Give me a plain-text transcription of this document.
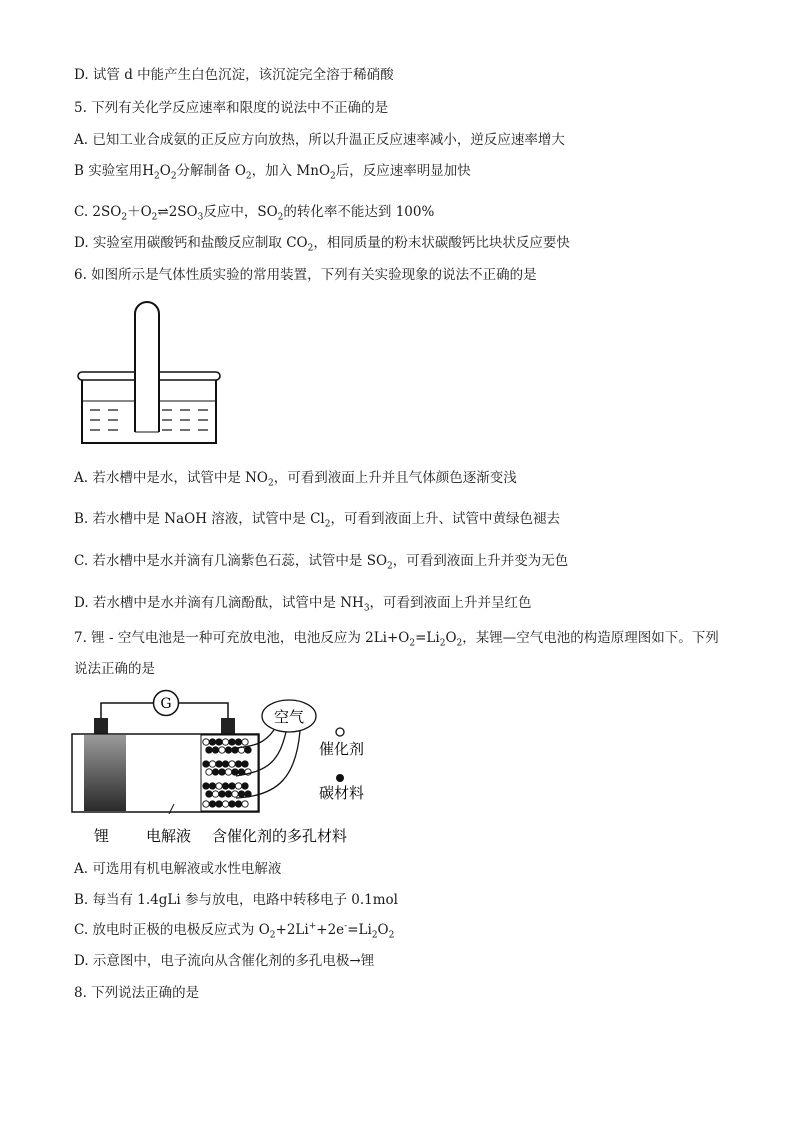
D. 试管 d 中能产生白色沉淀，该沉淀完全溶于稀硝酸
5. 下列有关化学反应速率和限度的说法中不正确的是
A. 已知工业合成氨的正反应方向放热，所以升温正反应速率减小，逆反应速率增大
B 实验室用$H_2O_2$分解制备 $O_2$，加入 MnO$_2$后，反应速率明显加快
C. $2SO_2+O_2\rightleftharpoons 2SO_3$反应中，$SO_2$的转化率不能达到 100%
D. 实验室用碳酸钙和盐酸反应制取 $CO_2$，相同质量的粉末状碳酸钙比块状反应要快
6. 如图所示是气体性质实验的常用装置，下列有关实验现象的说法不正确的是
A. 若水槽中是水，试管中是 $NO_2$，可看到液面上升并且气体颜色逐渐变浅
B. 若水槽中是 NaOH 溶液，试管中是 $Cl_2$，可看到液面上升、试管中黄绿色褪去
C. 若水槽中是水并滴有几滴紫色石蕊，试管中是 $SO_2$，可看到液面上升并变为无色
D. 若水槽中是水并滴有几滴酚酞，试管中是 $NH_3$，可看到液面上升并呈红色
7. 锂 - 空气电池是一种可充放电池，电池反应为 $2Li+O_2=Li_2O_2$，某锂—空气电池的构造原理图如下。下列
说法正确的是
G
空气
催化剂
碳材料
锂 电解液 含催化剂的多孔材料
A. 可选用有机电解液或水性电解液
B. 每当有 1.4gLi 参与放电，电路中转移电子 0.1mol
C. 放电时正极的电极反应式为 $O_2+2Li^++2e^-=Li_2O_2$
D. 示意图中，电子流向从含催化剂的多孔电极→锂
8. 下列说法正确的是
